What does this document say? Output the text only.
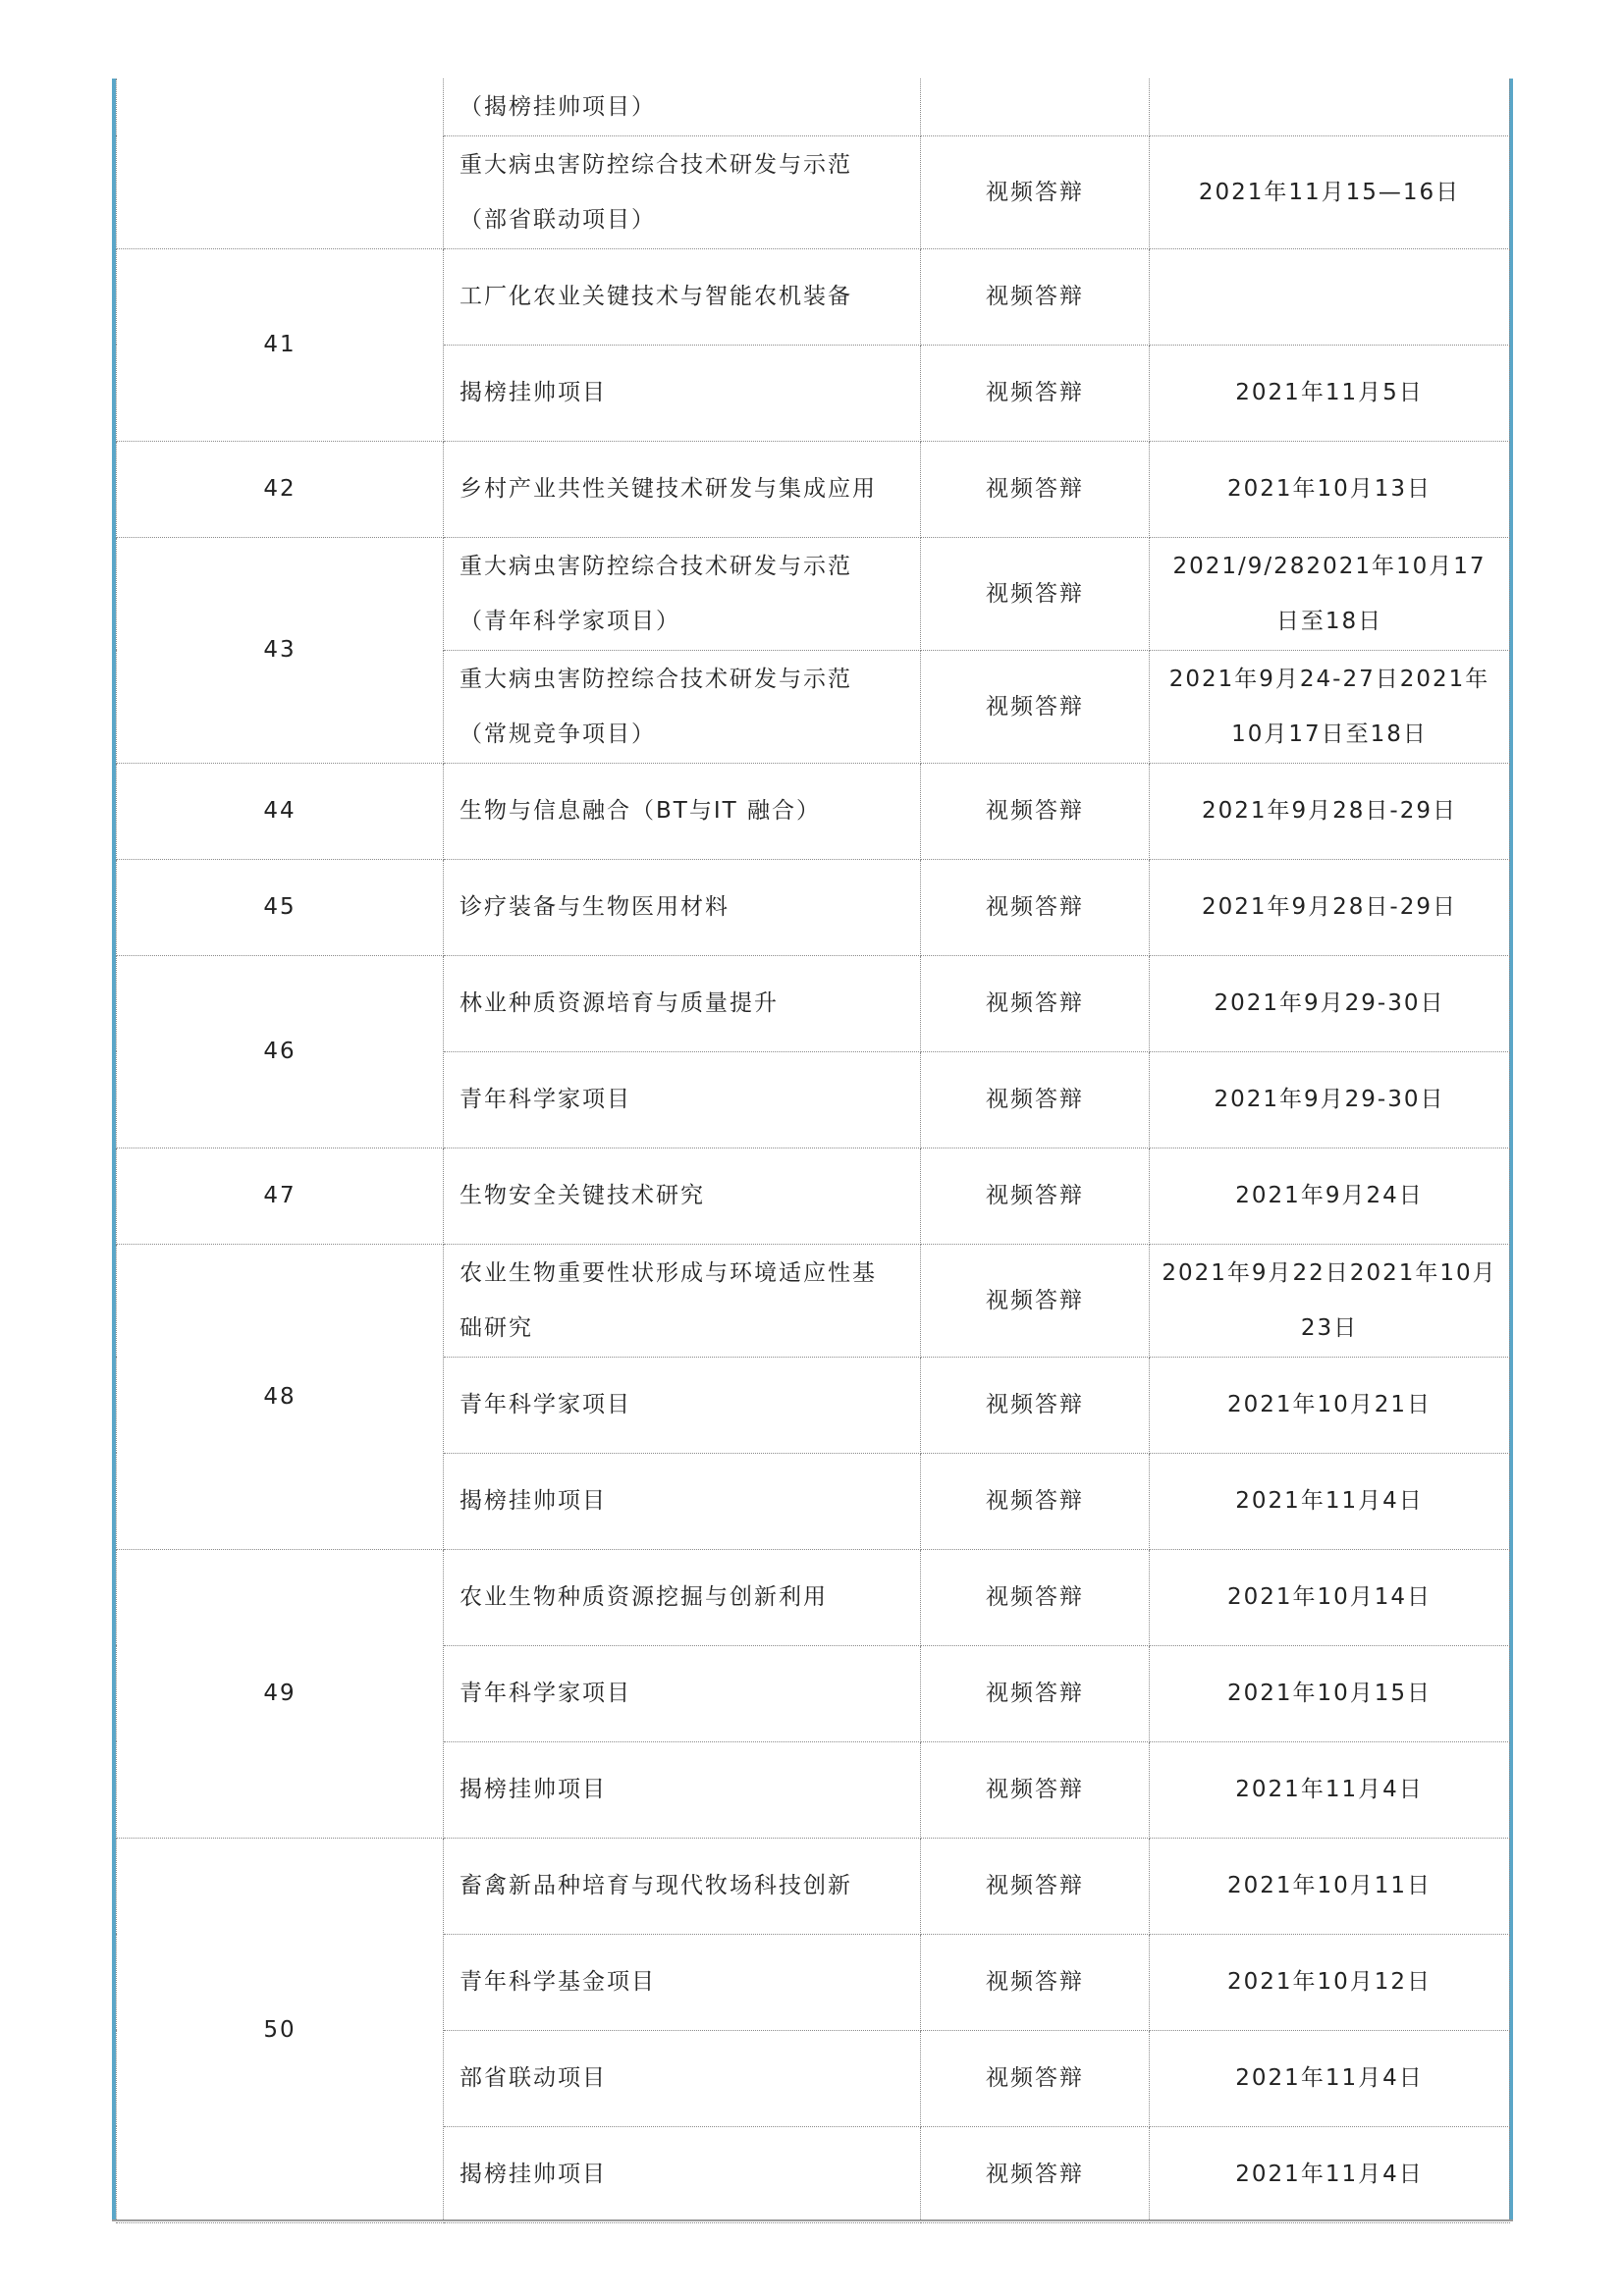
	（揭榜挂帅项目）		
	重大病虫害防控综合技术研发与示范（部省联动项目）	视频答辩	2021年11月15—16日
41	工厂化农业关键技术与智能农机装备	视频答辩	
	揭榜挂帅项目	视频答辩	2021年11月5日
42	乡村产业共性关键技术研发与集成应用	视频答辩	2021年10月13日
43	重大病虫害防控综合技术研发与示范（青年科学家项目）	视频答辩	2021/9/282021年10月17日至18日
	重大病虫害防控综合技术研发与示范（常规竞争项目）	视频答辩	2021年9月24-27日2021年10月17日至18日
44	生物与信息融合（BT与IT 融合）	视频答辩	2021年9月28日-29日
45	诊疗装备与生物医用材料	视频答辩	2021年9月28日-29日
46	林业种质资源培育与质量提升	视频答辩	2021年9月29-30日
	青年科学家项目	视频答辩	2021年9月29-30日
47	生物安全关键技术研究	视频答辩	2021年9月24日
48	农业生物重要性状形成与环境适应性基础研究	视频答辩	2021年9月22日2021年10月23日
	青年科学家项目	视频答辩	2021年10月21日
	揭榜挂帅项目	视频答辩	2021年11月4日
49	农业生物种质资源挖掘与创新利用	视频答辩	2021年10月14日
	青年科学家项目	视频答辩	2021年10月15日
	揭榜挂帅项目	视频答辩	2021年11月4日
50	畜禽新品种培育与现代牧场科技创新	视频答辩	2021年10月11日
	青年科学基金项目	视频答辩	2021年10月12日
	部省联动项目	视频答辩	2021年11月4日
	揭榜挂帅项目	视频答辩	2021年11月4日
